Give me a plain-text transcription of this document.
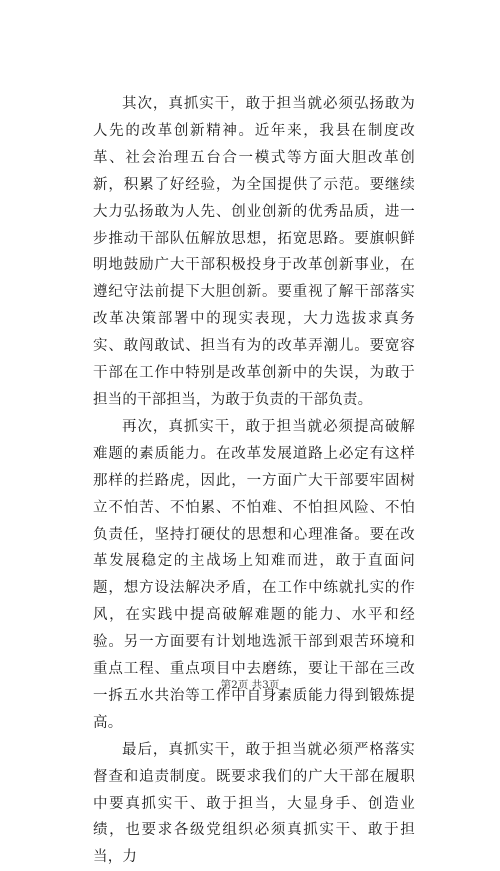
其次，真抓实干，敢于担当就必须弘扬敢为人先的改革创新精神。近年来，我县在制度改革、社会治理五台合一模式等方面大胆改革创新，积累了好经验，为全国提供了示范。要继续大力弘扬敢为人先、创业创新的优秀品质，进一步推动干部队伍解放思想，拓宽思路。要旗帜鲜明地鼓励广大干部积极投身于改革创新事业，在遵纪守法前提下大胆创新。要重视了解干部落实改革决策部署中的现实表现，大力选拔求真务实、敢闯敢试、担当有为的改革弄潮儿。要宽容干部在工作中特别是改革创新中的失误，为敢于担当的干部担当，为敢于负责的干部负责。

再次，真抓实干，敢于担当就必须提高破解难题的素质能力。在改革发展道路上必定有这样那样的拦路虎，因此，一方面广大干部要牢固树立不怕苦、不怕累、不怕难、不怕担风险、不怕负责任，坚持打硬仗的思想和心理准备。要在改革发展稳定的主战场上知难而进，敢于直面问题，想方设法解决矛盾，在工作中练就扎实的作风，在实践中提高破解难题的能力、水平和经验。另一方面要有计划地选派干部到艰苦环境和重点工程、重点项目中去磨练，要让干部在三改一拆五水共治等工作中自身素质能力得到锻炼提高。

最后，真抓实干，敢于担当就必须严格落实督查和追责制度。既要求我们的广大干部在履职中要真抓实干、敢于担当，大显身手、创造业绩，也要求各级党组织必须真抓实干、敢于担当，力

第2页 共3页
